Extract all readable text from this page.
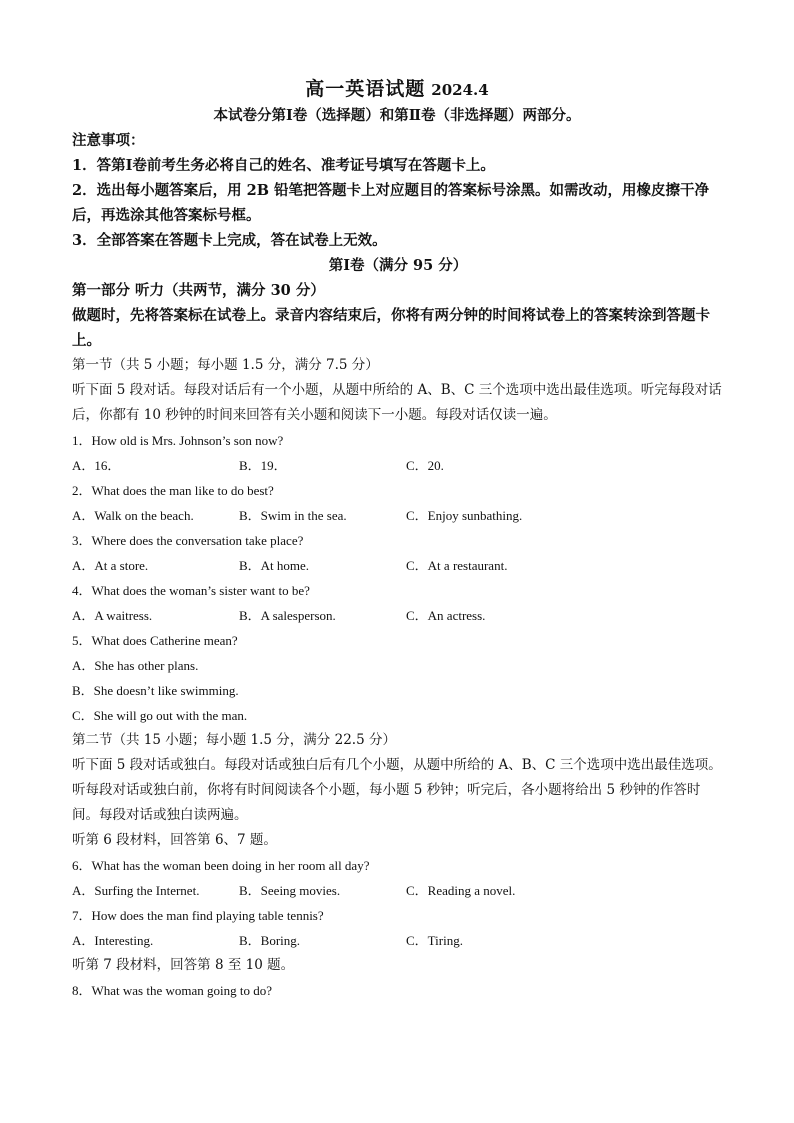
高一英语试题 2024.4
本试卷分第Ⅰ卷（选择题）和第Ⅱ卷（非选择题）两部分。
注意事项：
1．答第Ⅰ卷前考生务必将自己的姓名、准考证号填写在答题卡上。
2．选出每小题答案后，用 2B 铅笔把答题卡上对应题目的答案标号涂黑。如需改动，用橡皮擦干净后，再选涂其他答案标号框。
3．全部答案在答题卡上完成，答在试卷上无效。
第Ⅰ卷（满分 95 分）
第一部分 听力（共两节，满分 30 分）
做题时，先将答案标在试卷上。录音内容结束后，你将有两分钟的时间将试卷上的答案转涂到答题卡上。
第一节（共 5 小题；每小题 1.5 分，满分 7.5 分）
听下面 5 段对话。每段对话后有一个小题，从题中所给的 A、B、C 三个选项中选出最佳选项。听完每段对话后，你都有 10 秒钟的时间来回答有关小题和阅读下一小题。每段对话仅读一遍。
1．How old is Mrs. Johnson’s son now?
A．16．	B．19．	C．20.
2．What does the man like to do best?
A．Walk on the beach.	B．Swim in the sea.	C．Enjoy sunbathing.
3．Where does the conversation take place?
A．At a store.	B．At home.	C．At a restaurant.
4．What does the woman’s sister want to be?
A．A waitress.	B．A salesperson.	C．An actress.
5．What does Catherine mean?
A．She has other plans.
B．She doesn’t like swimming.
C．She will go out with the man.
第二节（共 15 小题；每小题 1.5 分，满分 22.5 分）
听下面 5 段对话或独白。每段对话或独白后有几个小题，从题中所给的 A、B、C 三个选项中选出最佳选项。听每段对话或独白前，你将有时间阅读各个小题，每小题 5 秒钟；听完后，各小题将给出 5 秒钟的作答时间。每段对话或独白读两遍。
听第 6 段材料，回答第 6、7 题。
6．What has the woman been doing in her room all day?
A．Surfing the Internet.	B．Seeing movies.	C．Reading a novel.
7．How does the man find playing table tennis?
A．Interesting.	B．Boring.	C．Tiring.
听第 7 段材料，回答第 8 至 10 题。
8．What was the woman going to do?
